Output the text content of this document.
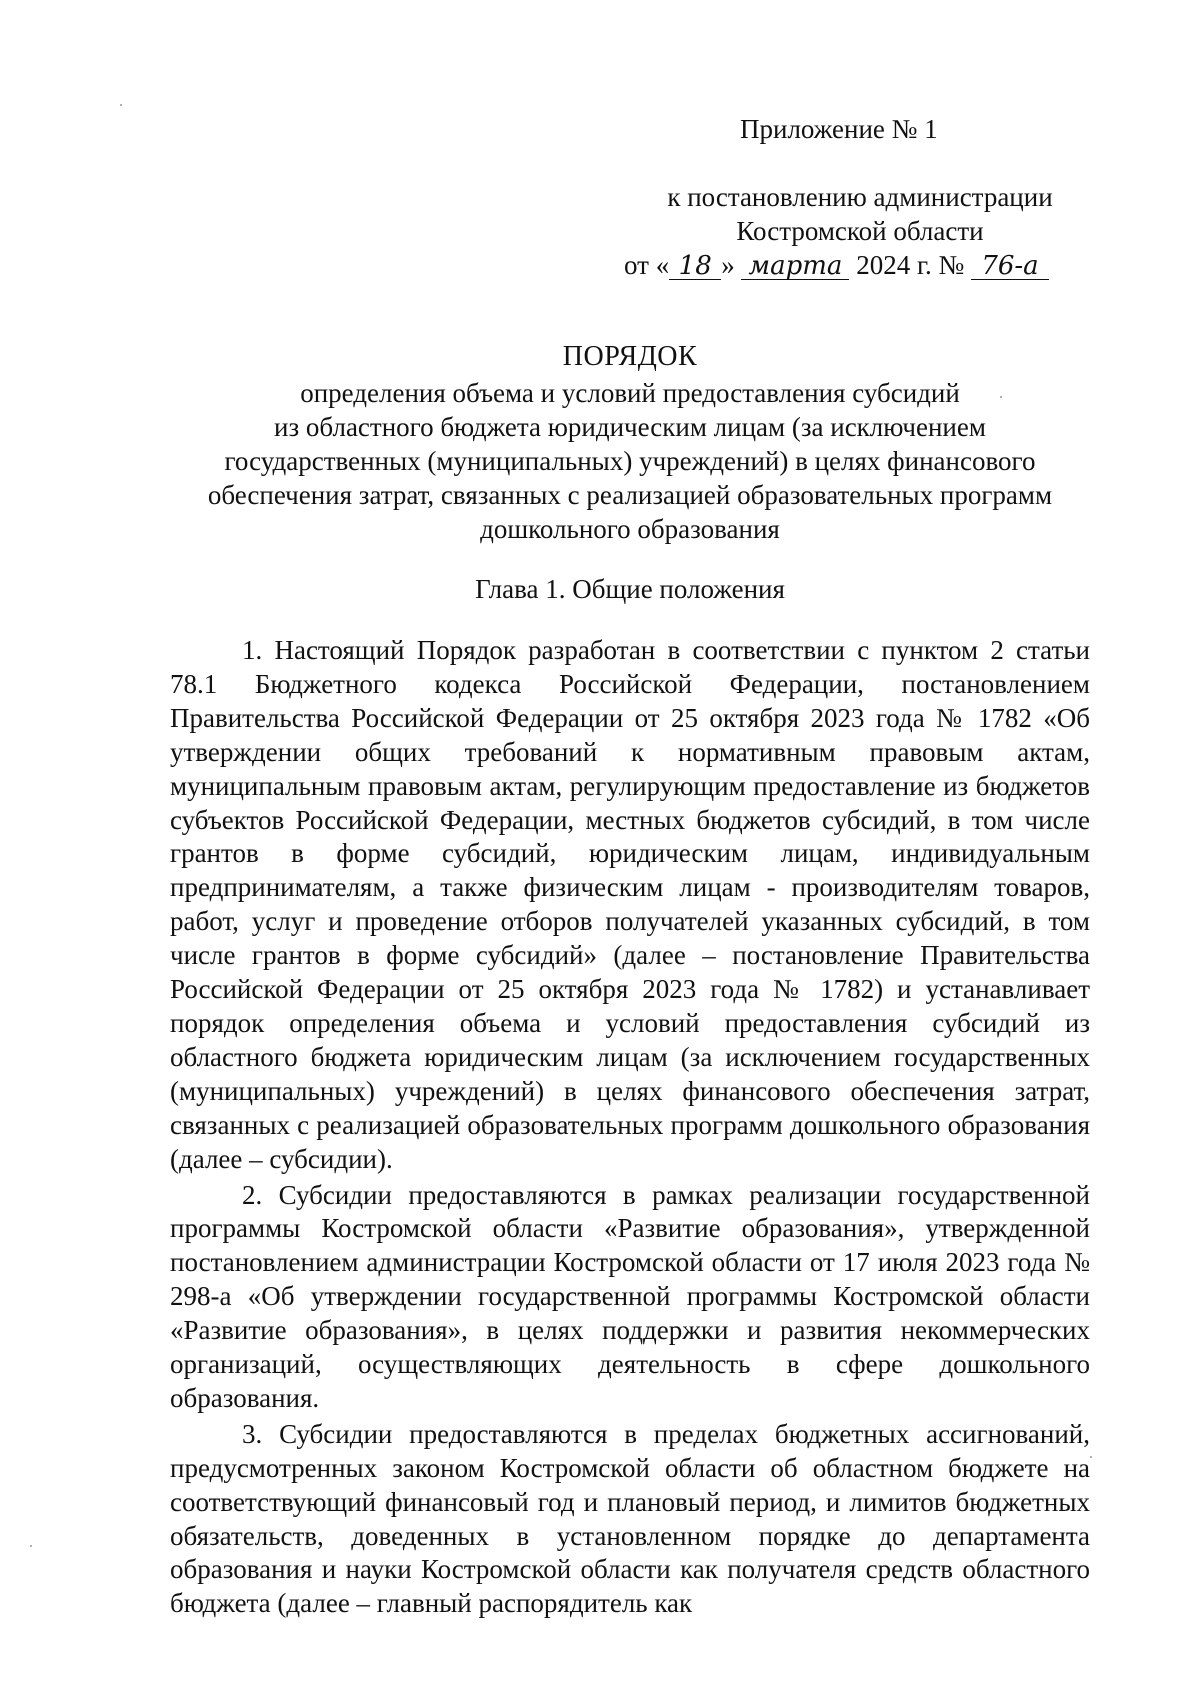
Приложение № 1
к постановлению администрации
Костромской области
от « 18 » марта 2024 г. № 76-а
ПОРЯДОК
определения объема и условий предоставления субсидий
из областного бюджета юридическим лицам (за исключением
государственных (муниципальных) учреждений) в целях финансового
обеспечения затрат, связанных с реализацией образовательных программ
дошкольного образования
Глава 1. Общие положения

1. Настоящий Порядок разработан в соответствии с пунктом 2 статьи 78.1 Бюджетного кодекса Российской Федерации, постановлением Правительства Российской Федерации от 25 октября 2023 года № 1782 «Об утверждении общих требований к нормативным правовым актам, муниципальным правовым актам, регулирующим предоставление из бюджетов субъектов Российской Федерации, местных бюджетов субсидий, в том числе грантов в форме субсидий, юридическим лицам, индивидуальным предпринимателям, а также физическим лицам - производителям товаров, работ, услуг и проведение отборов получателей указанных субсидий, в том числе грантов в форме субсидий» (далее – постановление Правительства Российской Федерации от 25 октября 2023 года № 1782) и устанавливает порядок определения объема и условий предоставления субсидий из областного бюджета юридическим лицам (за исключением государственных (муниципальных) учреждений) в целях финансового обеспечения затрат, связанных с реализацией образовательных программ дошкольного образования (далее – субсидии).

2. Субсидии предоставляются в рамках реализации государственной программы Костромской области «Развитие образования», утвержденной постановлением администрации Костромской области от 17 июля 2023 года № 298-а «Об утверждении государственной программы Костромской области «Развитие образования», в целях поддержки и развития некоммерческих организаций, осуществляющих деятельность в сфере дошкольного образования.

3. Субсидии предоставляются в пределах бюджетных ассигнований, предусмотренных законом Костромской области об областном бюджете на соответствующий финансовый год и плановый период, и лимитов бюджетных обязательств, доведенных в установленном порядке до департамента образования и науки Костромской области как получателя средств областного бюджета (далее – главный распорядитель как
